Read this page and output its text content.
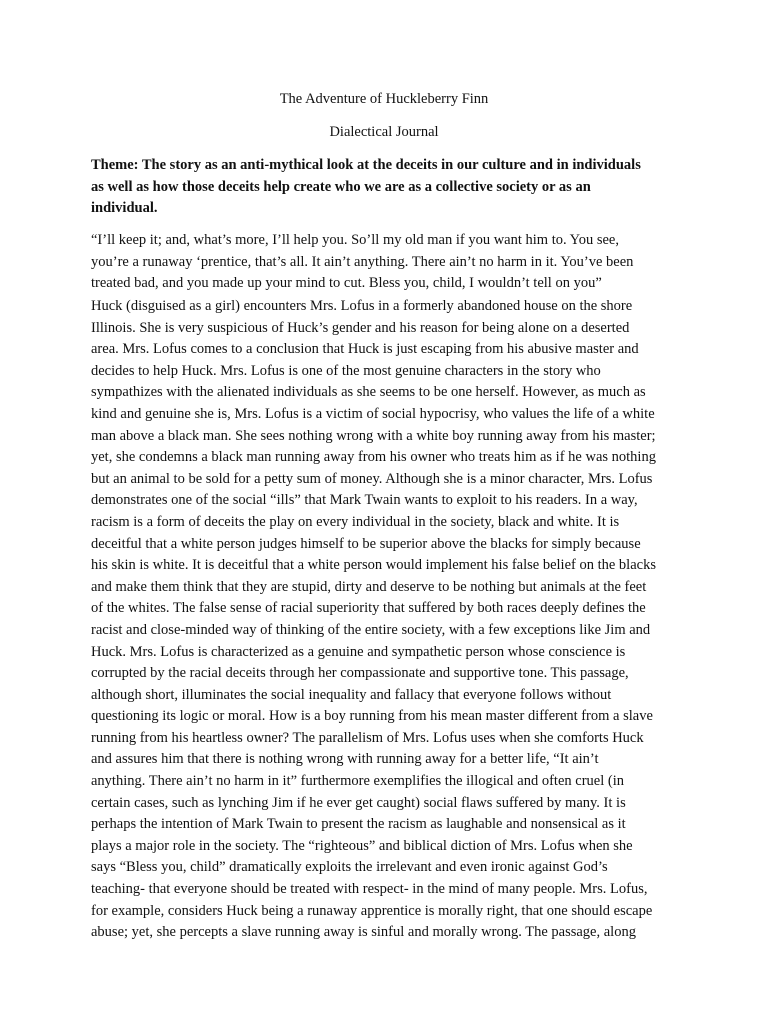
The Adventure of Huckleberry Finn
Dialectical Journal
Theme: The story as an anti-mythical look at the deceits in our culture and in individuals
as well as how those deceits help create who we are as a collective society or as an
individual.
“I’ll keep it; and, what’s more, I’ll help you. So’ll my old man if you want him to. You see,
you’re a runaway ‘prentice, that’s all. It ain’t anything. There ain’t no harm in it. You’ve been
treated bad, and you made up your mind to cut. Bless you, child, I wouldn’t tell on you”
Huck (disguised as a girl) encounters Mrs. Lofus in a formerly abandoned house on the shore
Illinois. She is very suspicious of Huck’s gender and his reason for being alone on a deserted
area. Mrs. Lofus comes to a conclusion that Huck is just escaping from his abusive master and
decides to help Huck. Mrs. Lofus is one of the most genuine characters in the story who
sympathizes with the alienated individuals as she seems to be one herself. However, as much as
kind and genuine she is, Mrs. Lofus is a victim of social hypocrisy, who values the life of a white
man above a black man. She sees nothing wrong with a white boy running away from his master;
yet, she condemns a black man running away from his owner who treats him as if he was nothing
but an animal to be sold for a petty sum of money. Although she is a minor character, Mrs. Lofus
demonstrates one of the social “ills” that Mark Twain wants to exploit to his readers. In a way,
racism is a form of deceits the play on every individual in the society, black and white. It is
deceitful that a white person judges himself to be superior above the blacks for simply because
his skin is white. It is deceitful that a white person would implement his false belief on the blacks
and make them think that they are stupid, dirty and deserve to be nothing but animals at the feet
of the whites. The false sense of racial superiority that suffered by both races deeply defines the
racist and close-minded way of thinking of the entire society, with a few exceptions like Jim and
Huck. Mrs. Lofus is characterized as a genuine and sympathetic person whose conscience is
corrupted by the racial deceits through her compassionate and supportive tone. This passage,
although short, illuminates the social inequality and fallacy that everyone follows without
questioning its logic or moral. How is a boy running from his mean master different from a slave
running from his heartless owner? The parallelism of Mrs. Lofus uses when she comforts Huck
and assures him that there is nothing wrong with running away for a better life, “It ain’t
anything. There ain’t no harm in it” furthermore exemplifies the illogical and often cruel (in
certain cases, such as lynching Jim if he ever get caught) social flaws suffered by many. It is
perhaps the intention of Mark Twain to present the racism as laughable and nonsensical as it
plays a major role in the society. The “righteous” and biblical diction of Mrs. Lofus when she
says “Bless you, child” dramatically exploits the irrelevant and even ironic against God’s
teaching- that everyone should be treated with respect- in the mind of many people. Mrs. Lofus,
for example, considers Huck being a runaway apprentice is morally right, that one should escape
abuse; yet, she percepts a slave running away is sinful and morally wrong. The passage, along
